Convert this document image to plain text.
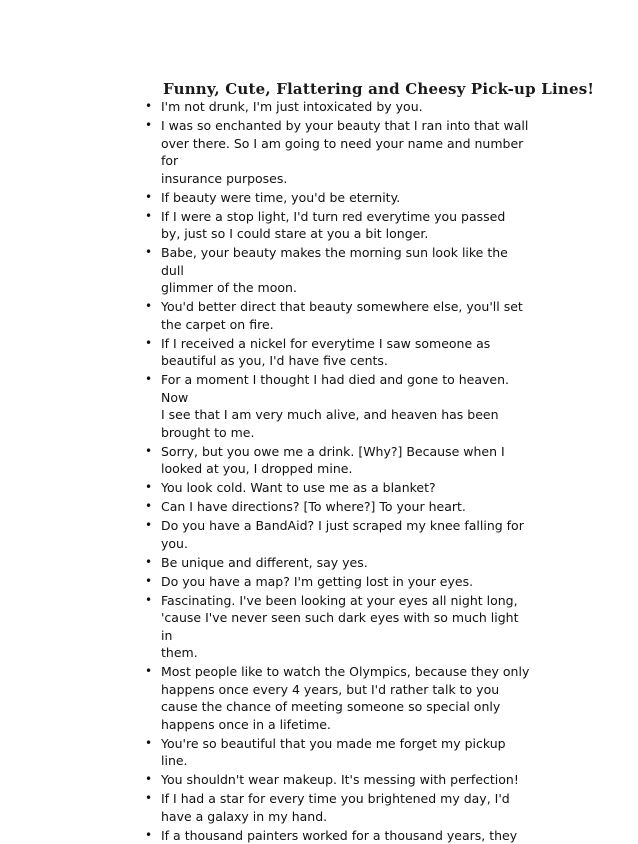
Funny, Cute, Flattering and Cheesy Pick-up Lines!
• I'm not drunk, I'm just intoxicated by you.
• I was so enchanted by your beauty that I ran into that wall
over there. So I am going to need your name and number for
insurance purposes.
• If beauty were time, you'd be eternity.
• If I were a stop light, I'd turn red everytime you passed
by, just so I could stare at you a bit longer.
• Babe, your beauty makes the morning sun look like the dull
glimmer of the moon.
• You'd better direct that beauty somewhere else, you'll set
the carpet on fire.
• If I received a nickel for everytime I saw someone as
beautiful as you, I'd have five cents.
• For a moment I thought I had died and gone to heaven. Now
I see that I am very much alive, and heaven has been
brought to me.
• Sorry, but you owe me a drink. [Why?] Because when I
looked at you, I dropped mine.
• You look cold. Want to use me as a blanket?
• Can I have directions? [To where?] To your heart.
• Do you have a BandAid? I just scraped my knee falling for
you.
• Be unique and different, say yes.
• Do you have a map? I'm getting lost in your eyes.
• Fascinating. I've been looking at your eyes all night long,
'cause I've never seen such dark eyes with so much light in
them.
• Most people like to watch the Olympics, because they only
happens once every 4 years, but I'd rather talk to you
cause the chance of meeting someone so special only
happens once in a lifetime.
• You're so beautiful that you made me forget my pickup line.
• You shouldn't wear makeup. It's messing with perfection!
• If I had a star for every time you brightened my day, I'd
have a galaxy in my hand.
• If a thousand painters worked for a thousand years, they
